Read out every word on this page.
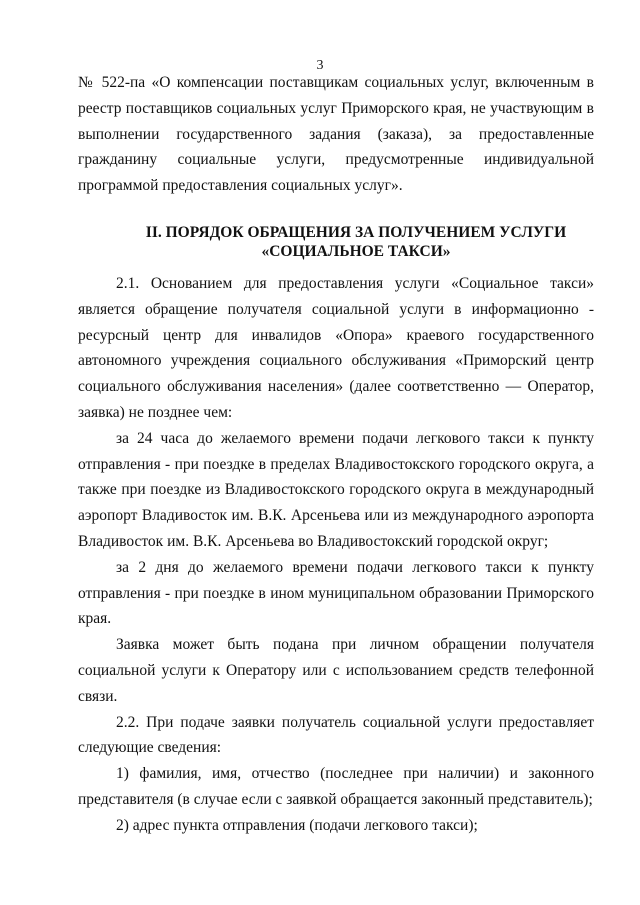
3

№ 522-па «О компенсации поставщикам социальных услуг, включенным в реестр поставщиков социальных услуг Приморского края, не участвующим в выполнении государственного задания (заказа), за предоставленные гражданину социальные услуги, предусмотренные индивидуальной программой предоставления социальных услуг».

II. ПОРЯДОК ОБРАЩЕНИЯ ЗА ПОЛУЧЕНИЕМ УСЛУГИ
«СОЦИАЛЬНОЕ ТАКСИ»

2.1. Основанием для предоставления услуги «Социальное такси» является обращение получателя социальной услуги в информационно - ресурсный центр для инвалидов «Опора» краевого государственного автономного учреждения социального обслуживания «Приморский центр социального обслуживания населения» (далее соответственно — Оператор, заявка) не позднее чем:

за 24 часа до желаемого времени подачи легкового такси к пункту отправления - при поездке в пределах Владивостокского городского округа, а также при поездке из Владивостокского городского округа в международный аэропорт Владивосток им. В.К. Арсеньева или из международного аэропорта Владивосток им. В.К. Арсеньева во Владивостокский городской округ;

за 2 дня до желаемого времени подачи легкового такси к пункту отправления - при поездке в ином муниципальном образовании Приморского края.

Заявка может быть подана при личном обращении получателя социальной услуги к Оператору или с использованием средств телефонной связи.

2.2. При подаче заявки получатель социальной услуги предоставляет следующие сведения:

1) фамилия, имя, отчество (последнее при наличии) и законного представителя (в случае если с заявкой обращается законный представитель);

2) адрес пункта отправления (подачи легкового такси);
